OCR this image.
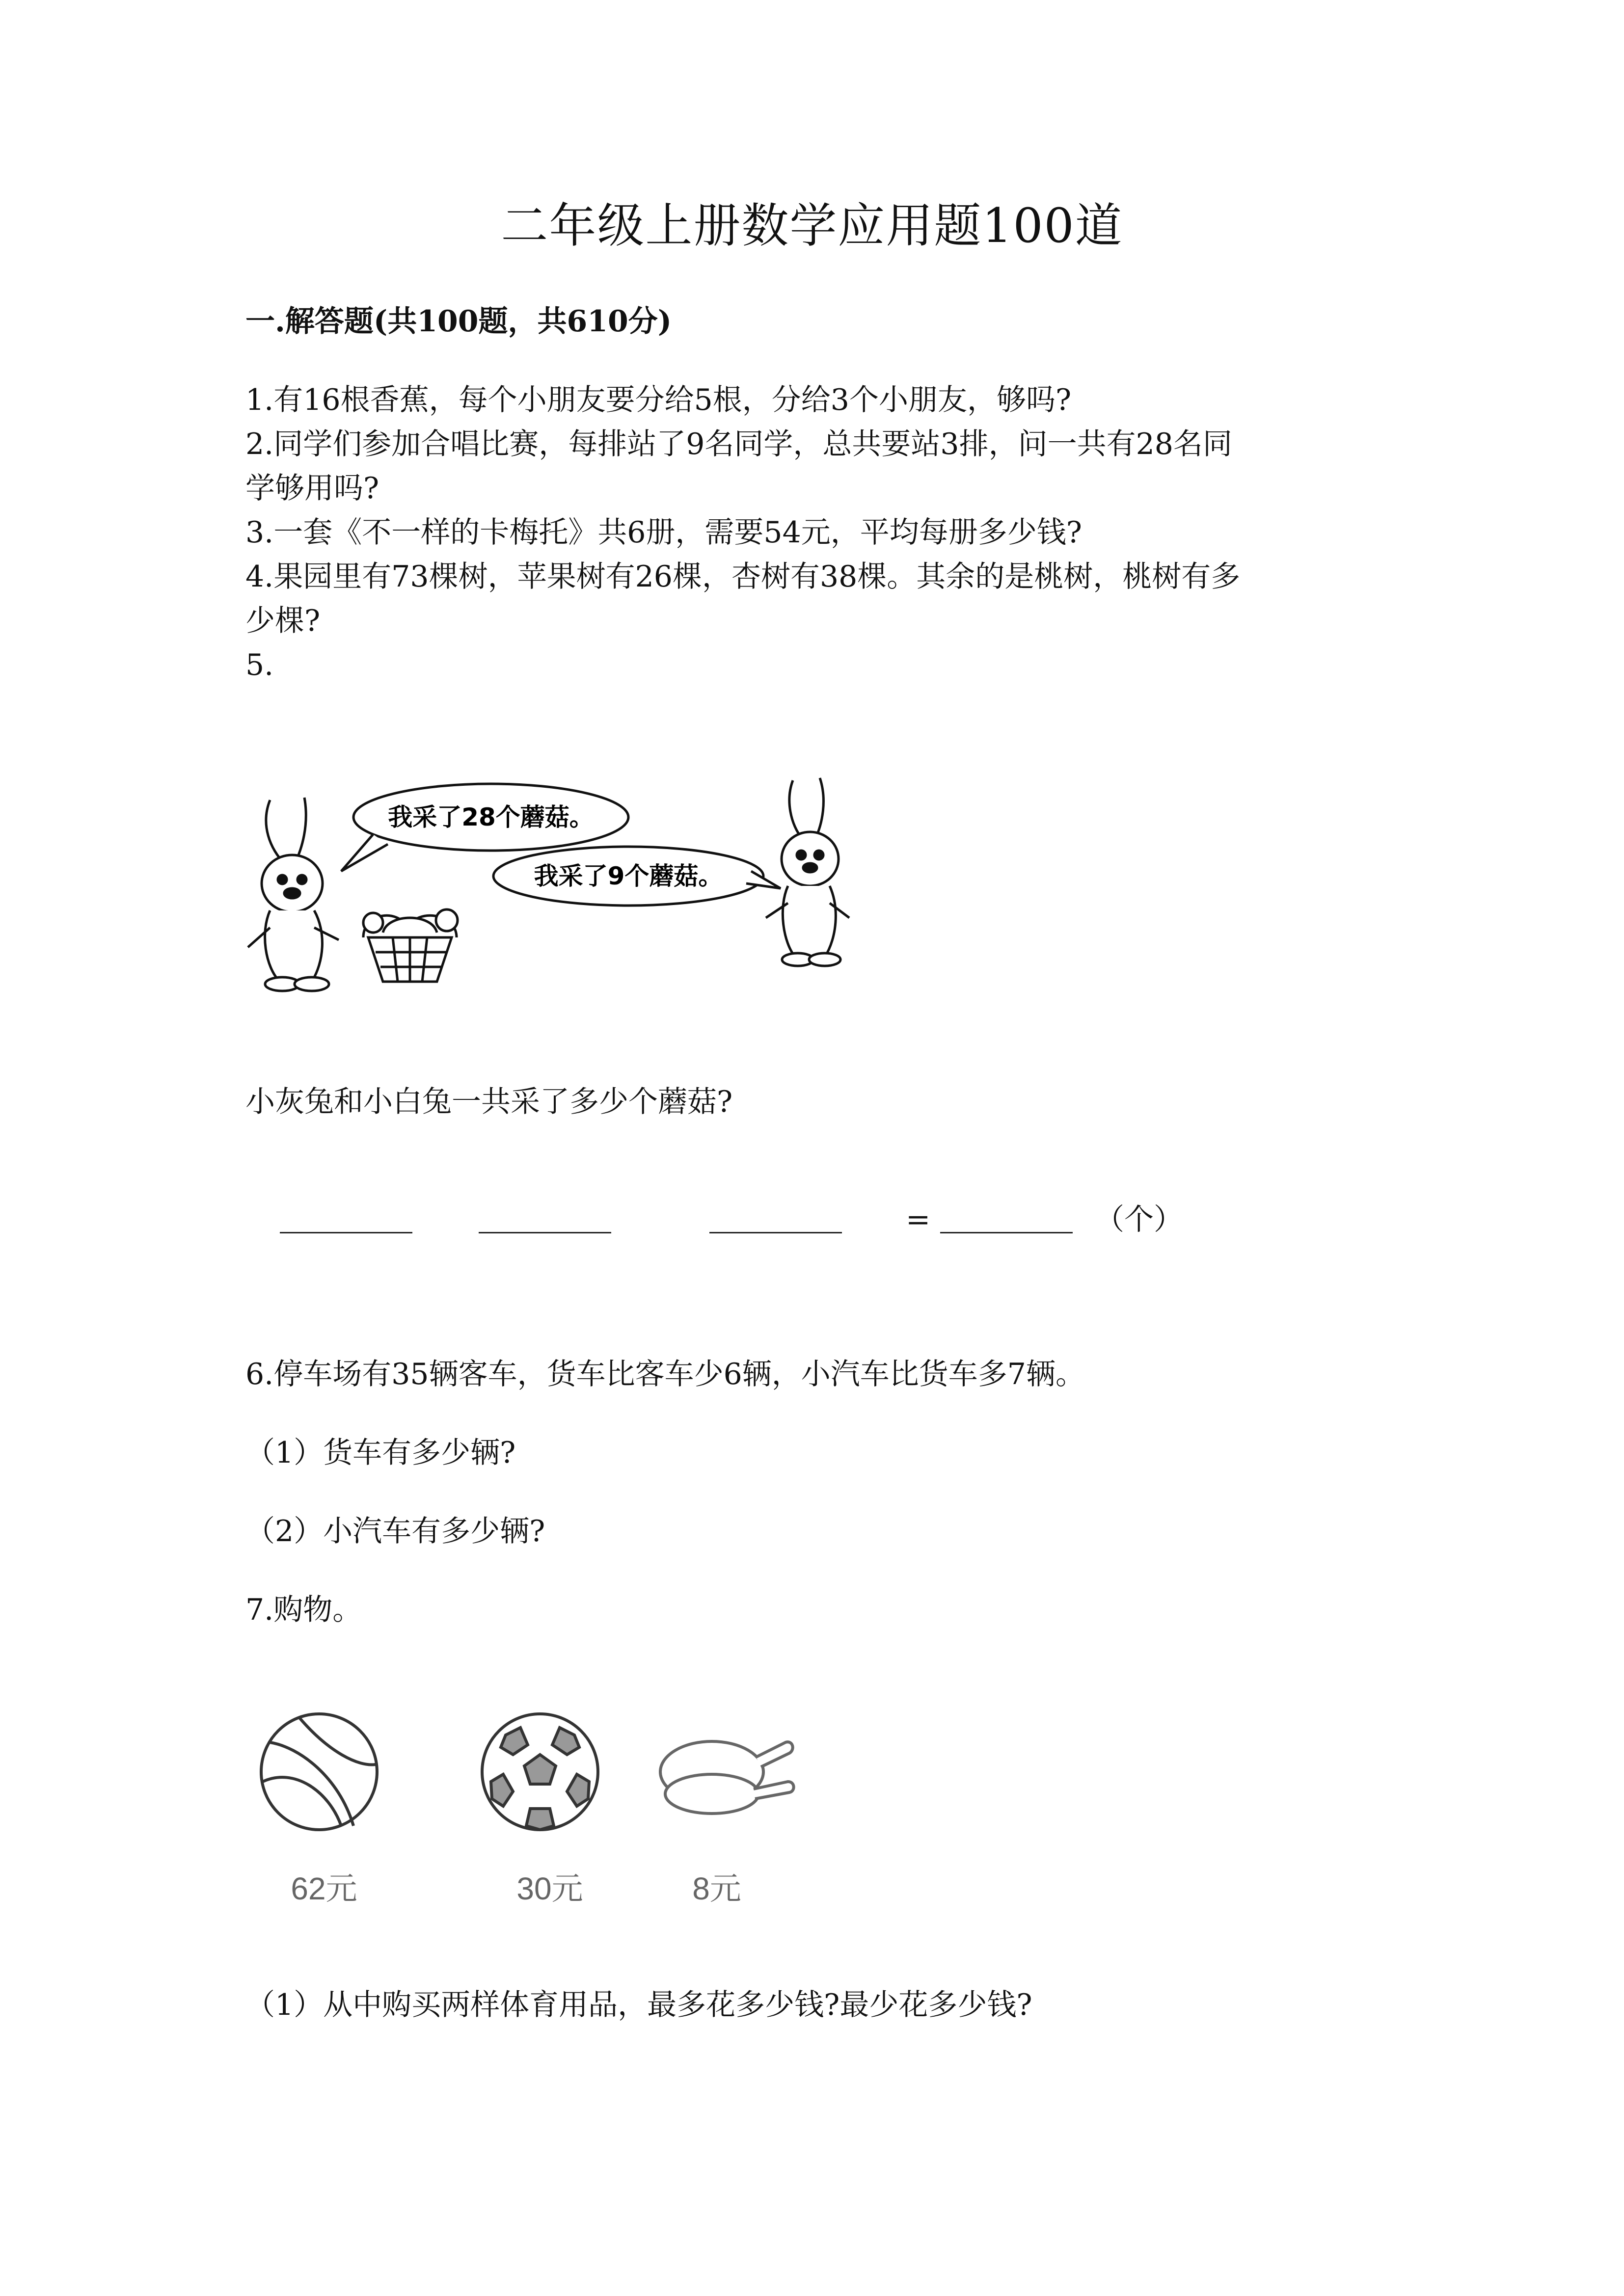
二年级上册数学应用题100道
一.解答题(共100题，共610分)
1.有16根香蕉，每个小朋友要分给5根，分给3个小朋友，够吗?
2.同学们参加合唱比赛，每排站了9名同学，总共要站3排，问一共有28名同
学够用吗?
3.一套《不一样的卡梅托》共6册，需要54元，平均每册多少钱?
4.果园里有73棵树，苹果树有26棵，杏树有38棵。其余的是桃树，桃树有多
少棵?
5.
我采了28个蘑菇。
我采了9个蘑菇。
小灰兔和小白兔一共采了多少个蘑菇?
=	（个）
6.停车场有35辆客车，货车比客车少6辆，小汽车比货车多7辆。
（1）货车有多少辆?
（2）小汽车有多少辆?
7.购物。
62元	30元	8元
（1）从中购买两样体育用品，最多花多少钱?最少花多少钱?
